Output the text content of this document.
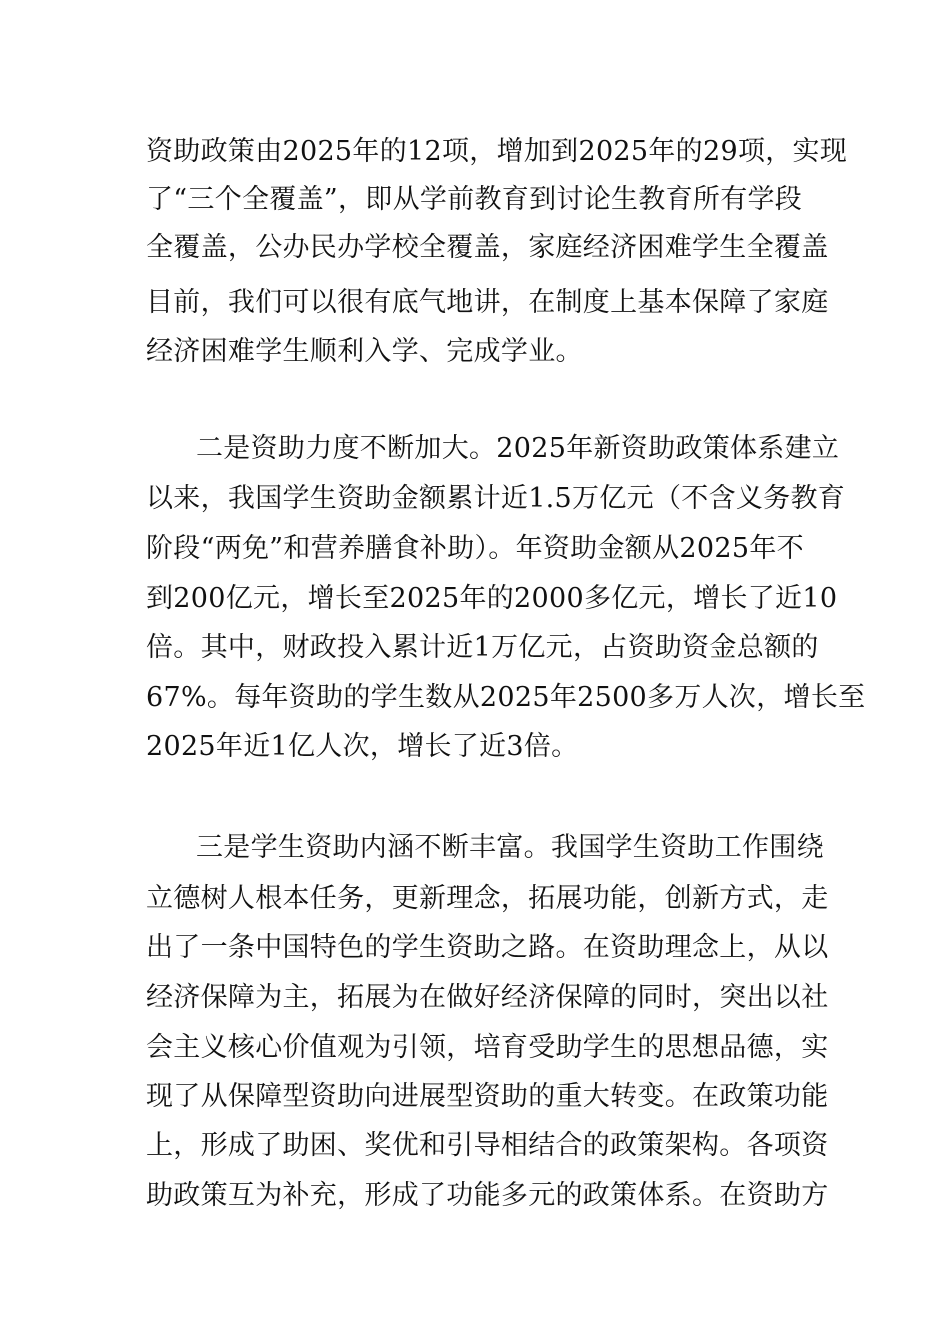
资助政策由2025年的12项，增加到2025年的29项，实现
了“三个全覆盖”，即从学前教育到讨论生教育所有学段
全覆盖，公办民办学校全覆盖，家庭经济困难学生全覆盖
目前，我们可以很有底气地讲，在制度上基本保障了家庭
经济困难学生顺利入学、完成学业。
二是资助力度不断加大。2025年新资助政策体系建立
以来，我国学生资助金额累计近1.5万亿元（不含义务教育
阶段“两免”和营养膳食补助）。年资助金额从2025年不
到200亿元，增长至2025年的2000多亿元，增长了近10
倍。其中，财政投入累计近1万亿元，占资助资金总额的
67%。每年资助的学生数从2025年2500多万人次，增长至
2025年近1亿人次，增长了近3倍。
三是学生资助内涵不断丰富。我国学生资助工作围绕
立德树人根本任务，更新理念，拓展功能，创新方式，走
出了一条中国特色的学生资助之路。在资助理念上，从以
经济保障为主，拓展为在做好经济保障的同时，突出以社
会主义核心价值观为引领，培育受助学生的思想品德，实
现了从保障型资助向进展型资助的重大转变。在政策功能
上，形成了助困、奖优和引导相结合的政策架构。各项资
助政策互为补充，形成了功能多元的政策体系。在资助方
